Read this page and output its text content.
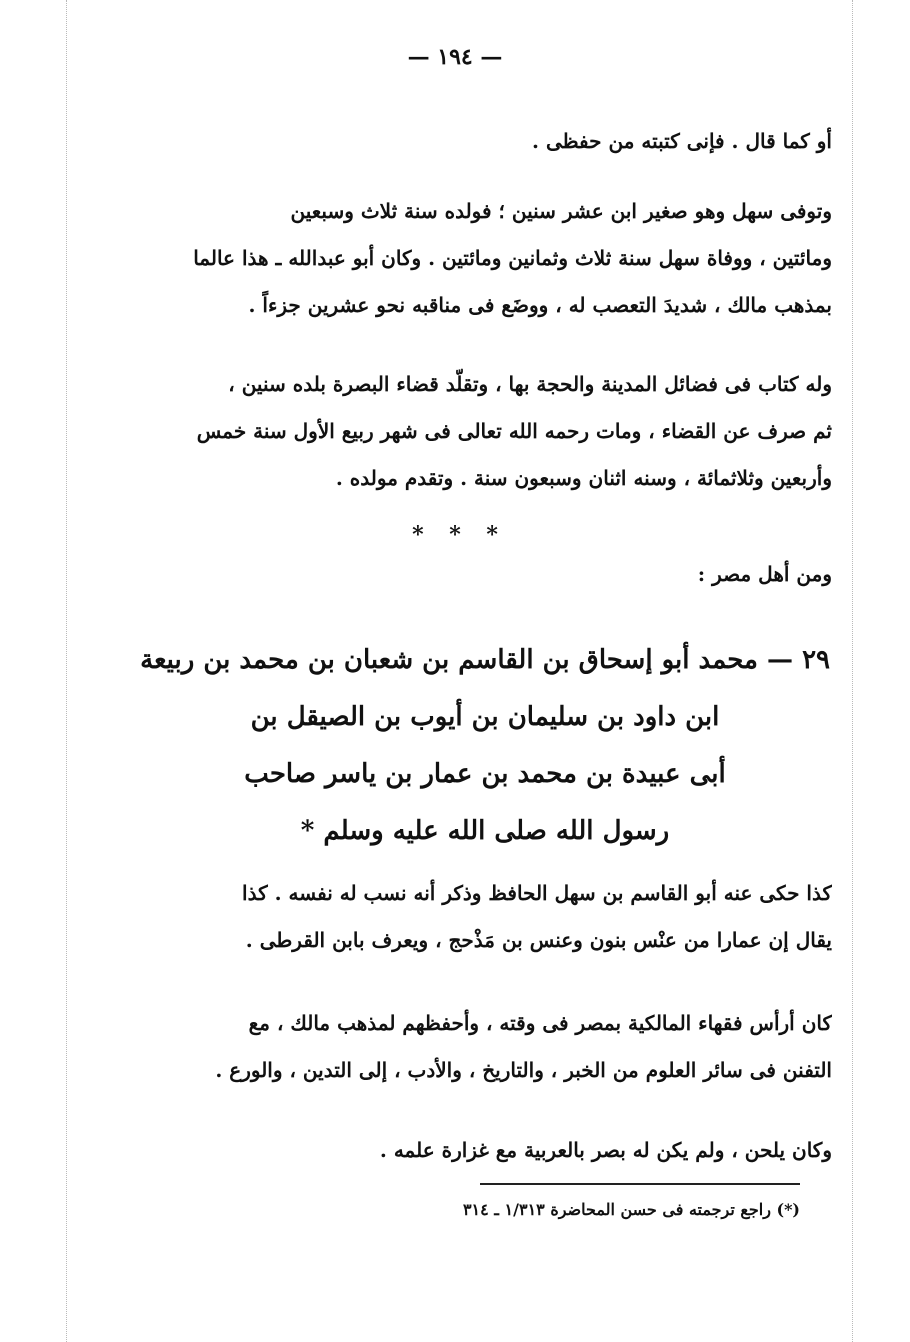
— ١٩٤ —
أو كما قال . فإنى كتبته من حفظى .
وتوفى سهل وهو صغير ابن عشر سنين ؛ فولده سنة ثلاث وسبعين
ومائتين ، ووفاة سهل سنة ثلاث وثمانين ومائتين . وكان أبو عبدالله ـ هذا عالما
بمذهب مالك ، شديدَ التعصب له ، ووضَع فى مناقبه نحو عشرين جزءاً .
وله كتاب فى فضائل المدينة والحجة بها ، وتقلّد قضاء البصرة بلده سنين ،
ثم صرف عن القضاء ، ومات رحمه الله تعالى فى شهر ربيع الأول سنة خمس
وأربعين وثلاثمائة ، وسنه اثنان وسبعون سنة . وتقدم مولده .
* * *
ومن أهل مصر :
٢٩ — محمد أبو إسحاق بن القاسم بن شعبان بن محمد بن ربيعة
ابن داود بن سليمان بن أيوب بن الصيقل بن
أبى عبيدة بن محمد بن عمار بن ياسر صاحب
رسول الله صلى الله عليه وسلم *
كذا حكى عنه أبو القاسم بن سهل الحافظ وذكر أنه نسب له نفسه . كذا
يقال إن عمارا من عنْس بنون وعنس بن مَذْحج ، ويعرف بابن القرطى .
كان أرأس فقهاء المالكية بمصر فى وقته ، وأحفظهم لمذهب مالك ، مع
التفنن فى سائر العلوم من الخبر ، والتاريخ ، والأدب ، إلى التدين ، والورع .
وكان يلحن ، ولم يكن له بصر بالعربية مع غزارة علمه .
(*) راجع ترجمته فى حسن المحاضرة ١/٣١٣ ـ ٣١٤
